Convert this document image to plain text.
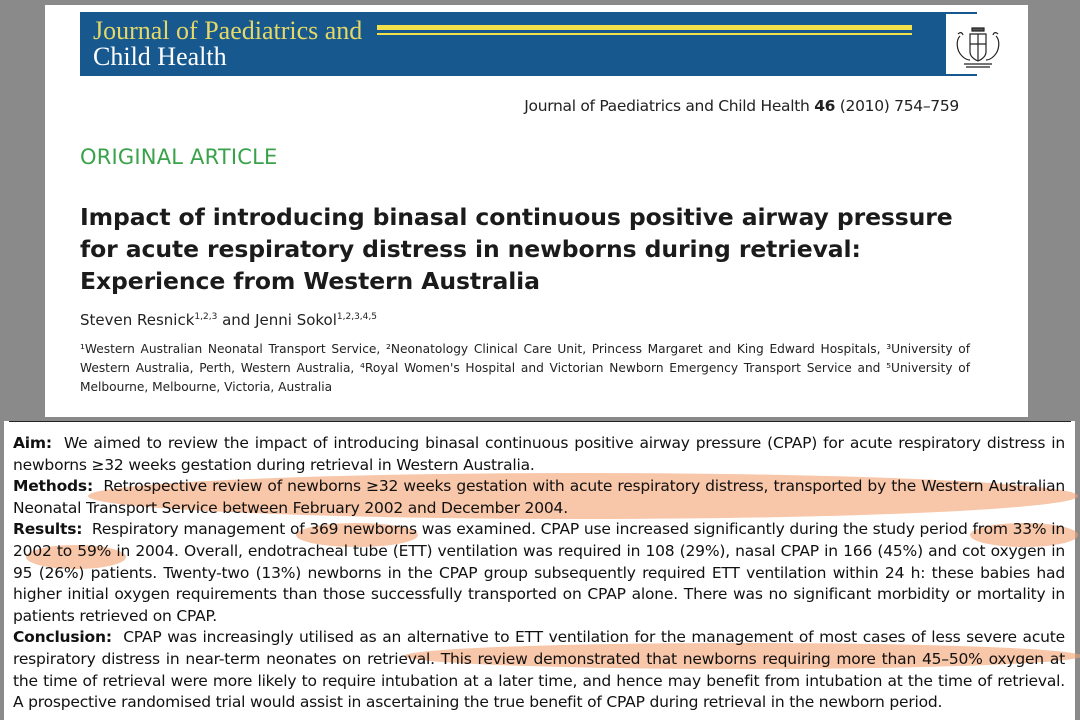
Journal of Paediatrics and
Child Health
Journal of Paediatrics and Child Health 46 (2010) 754–759
ORIGINAL ARTICLE
Impact of introducing binasal continuous positive airway pressure
for acute respiratory distress in newborns during retrieval:
Experience from Western Australia
Steven Resnick$^{1,2,3}$ and Jenni Sokol$^{1,2,3,4,5}$
¹Western Australian Neonatal Transport Service, ²Neonatology Clinical Care Unit, Princess Margaret and King Edward Hospitals, ³University of Western Australia, Perth, Western Australia, ⁴Royal Women's Hospital and Victorian Newborn Emergency Transport Service and ⁵University of Melbourne, Melbourne, Victoria, Australia
Aim: We aimed to review the impact of introducing binasal continuous positive airway pressure (CPAP) for acute respiratory distress in newborns ≥32 weeks gestation during retrieval in Western Australia.
Methods: Retrospective review of newborns ≥32 weeks gestation with acute respiratory distress, transported by the Western Australian Neonatal Transport Service between February 2002 and December 2004.
Results: Respiratory management of 369 newborns was examined. CPAP use increased significantly during the study period from 33% in 2002 to 59% in 2004. Overall, endotracheal tube (ETT) ventilation was required in 108 (29%), nasal CPAP in 166 (45%) and cot oxygen in 95 (26%) patients. Twenty-two (13%) newborns in the CPAP group subsequently required ETT ventilation within 24 h: these babies had higher initial oxygen requirements than those successfully transported on CPAP alone. There was no significant morbidity or mortality in patients retrieved on CPAP.
Conclusion: CPAP was increasingly utilised as an alternative to ETT ventilation for the management of most cases of less severe acute respiratory distress in near-term neonates on retrieval. This review demonstrated that newborns requiring more than 45–50% oxygen at the time of retrieval were more likely to require intubation at a later time, and hence may benefit from intubation at the time of retrieval. A prospective randomised trial would assist in ascertaining the true benefit of CPAP during retrieval in the newborn period.
